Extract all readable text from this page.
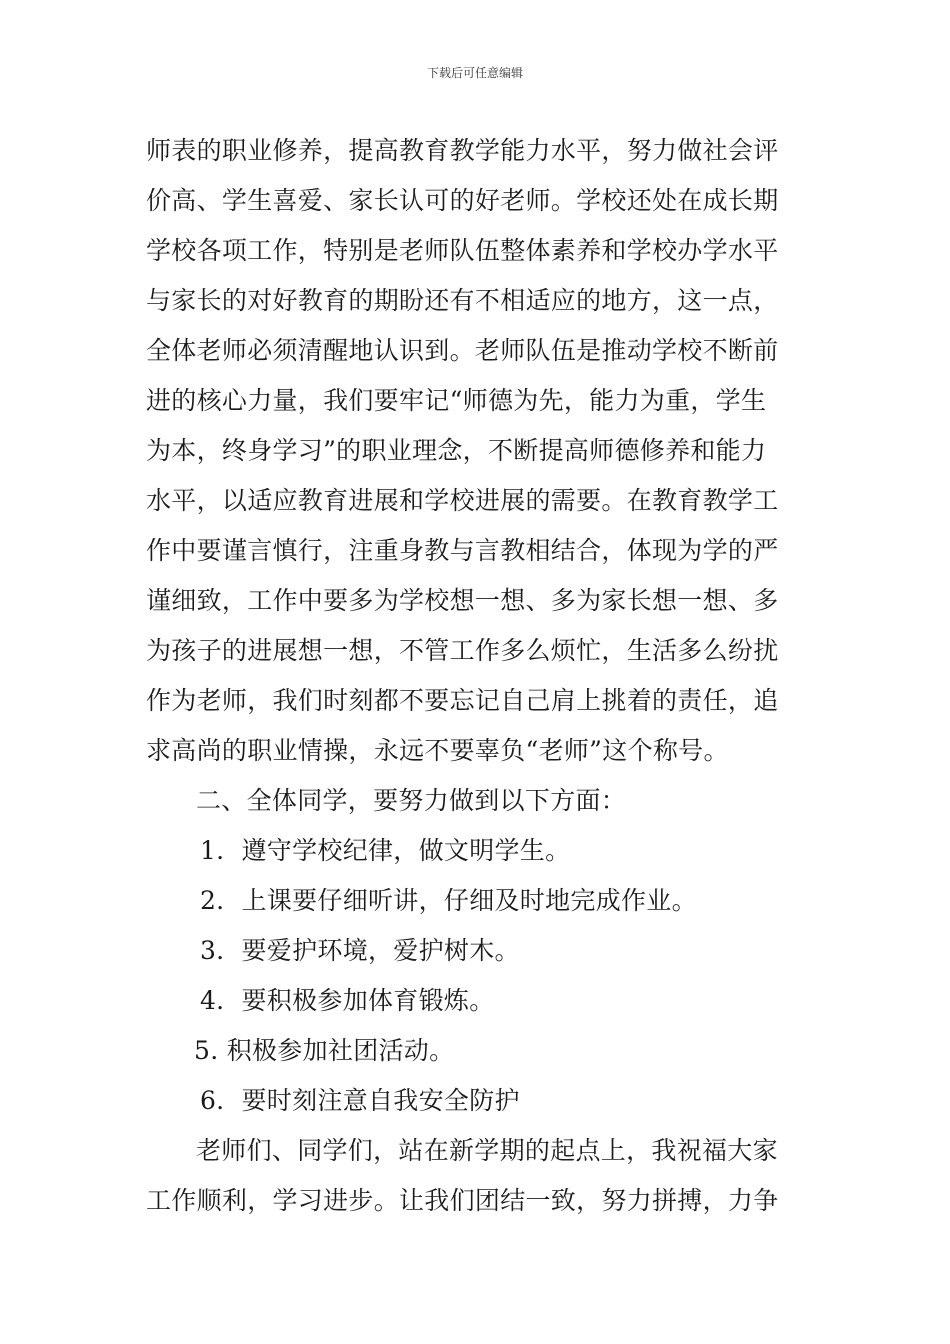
下载后可任意编辑
师表的职业修养，提高教育教学能力水平，努力做社会评
价高、学生喜爱、家长认可的好老师。学校还处在成长期
学校各项工作，特别是老师队伍整体素养和学校办学水平
与家长的对好教育的期盼还有不相适应的地方，这一点，
全体老师必须清醒地认识到。老师队伍是推动学校不断前
进的核心力量，我们要牢记“师德为先，能力为重，学生
为本，终身学习”的职业理念，不断提高师德修养和能力
水平，以适应教育进展和学校进展的需要。在教育教学工
作中要谨言慎行，注重身教与言教相结合，体现为学的严
谨细致，工作中要多为学校想一想、多为家长想一想、多
为孩子的进展想一想，不管工作多么烦忙，生活多么纷扰
作为老师，我们时刻都不要忘记自己肩上挑着的责任，追
求高尚的职业情操，永远不要辜负“老师”这个称号。
二、全体同学，要努力做到以下方面：
1．遵守学校纪律，做文明学生。
2．上课要仔细听讲，仔细及时地完成作业。
3．要爱护环境，爱护树木。
4．要积极参加体育锻炼。
5. 积极参加社团活动。
6．要时刻注意自我安全防护
老师们、同学们，站在新学期的起点上，我祝福大家
工作顺利，学习进步。让我们团结一致，努力拼搏，力争
